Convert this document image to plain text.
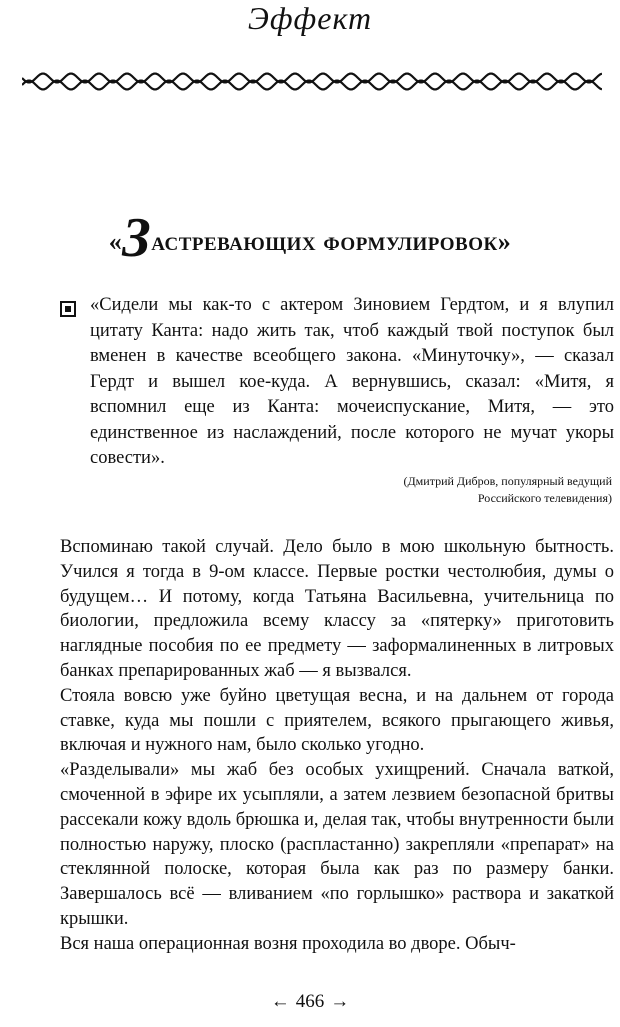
Эффект
«Застревающих формулировок»

«Сидели мы как-то с актером Зиновием Гердтом, и я влупил цитату Канта: надо жить так, чтоб каждый твой поступок был вменен в качестве всеобщего закона. «Минуточку», — сказал Гердт и вышел кое-куда. А вернувшись, сказал: «Митя, я вспомнил еще из Канта: мочеиспускание, Митя, — это единственное из наслаждений, после которого не мучат укоры совести».

(Дмитрий Дибров, популярный ведущий
Российского телевидения)

Вспоминаю такой случай. Дело было в мою школьную бытность. Учился я тогда в 9-ом классе. Первые ростки честолюбия, думы о будущем… И потому, когда Татьяна Васильевна, учительница по биологии, предложила всему классу за «пятерку» приготовить наглядные пособия по ее предмету — заформалиненных в литровых банках препарированных жаб — я вызвался.

Стояла вовсю уже буйно цветущая весна, и на дальнем от города ставке, куда мы пошли с приятелем, всякого прыгающего живья, включая и нужного нам, было сколько угодно.

«Разделывали» мы жаб без особых ухищрений. Сначала ваткой, смоченной в эфире их усыпляли, а затем лезвием безопасной бритвы рассекали кожу вдоль брюшка и, делая так, чтобы внутренности были полностью наружу, плоско (распластанно) закрепляли «препарат» на стеклянной полоске, которая была как раз по размеру банки. Завершалось всё — вливанием «по горлышко» раствора и закаткой крышки.

Вся наша операционная возня проходила во дворе. Обыч-

← 466 →
